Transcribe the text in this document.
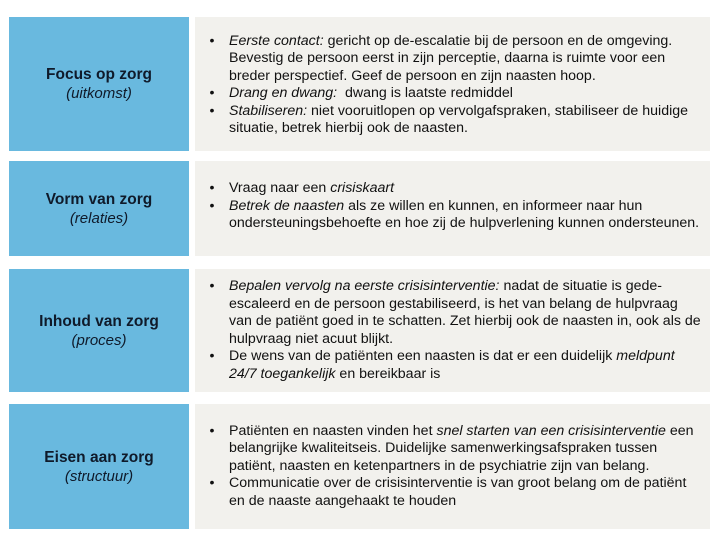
Focus op zorg
(uitkomst)
• Eerste contact: gericht op de-escalatie bij de persoon en de omgeving. Bevestig de persoon eerst in zijn perceptie, daarna is ruimte voor een breder perspectief. Geef de persoon en zijn naasten hoop.
• Drang en dwang:  dwang is laatste redmiddel
• Stabiliseren: niet vooruitlopen op vervolgafspraken, stabiliseer de huidige situatie, betrek hierbij ook de naasten.
Vorm van zorg
(relaties)
• Vraag naar een crisiskaart
• Betrek de naasten als ze willen en kunnen, en informeer naar hun ondersteuningsbehoefte en hoe zij de hulpverlening kunnen ondersteunen.
Inhoud van zorg
(proces)
• Bepalen vervolg na eerste crisisinterventie: nadat de situatie is gede-escaleerd en de persoon gestabiliseerd, is het van belang de hulpvraag van de patiënt goed in te schatten. Zet hierbij ook de naasten in, ook als de hulpvraag niet acuut blijkt.
• De wens van de patiënten een naasten is dat er een duidelijk meldpunt 24/7 toegankelijk en bereikbaar is
Eisen aan zorg
(structuur)
• Patiënten en naasten vinden het snel starten van een crisisinterventie een belangrijke kwaliteitseis. Duidelijke samenwerkingsafspraken tussen patiënt, naasten en ketenpartners in de psychiatrie zijn van belang.
• Communicatie over de crisisinterventie is van groot belang om de patiënt en de naaste aangehaakt te houden
